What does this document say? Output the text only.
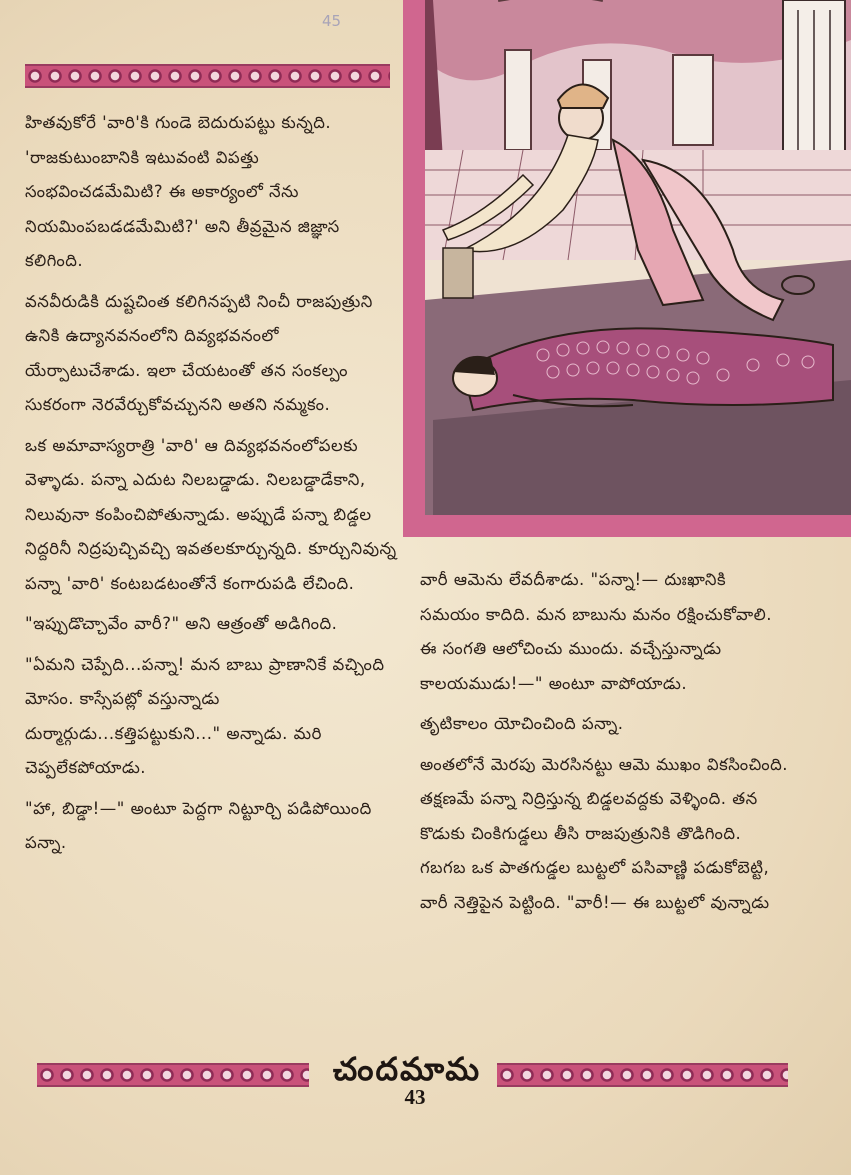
45

హితవుకోరే 'వారి'కి గుండె బెదురుపట్టు కున్నది. 'రాజకుటుంబానికి ఇటువంటి విపత్తు సంభవించడమేమిటి? ఈ అకార్యంలో నేను నియమింపబడడమేమిటి?' అని తీవ్రమైన జిజ్ఞాస కలిగింది.

వనవీరుడికి దుష్టచింత కలిగినప్పటి నించీ రాజపుత్రుని ఉనికి ఉద్యానవనంలోని దివ్యభవనంలో యేర్పాటుచేశాడు. ఇలా చేయటంతో తన సంకల్పం సుకరంగా నెరవేర్చుకోవచ్చునని అతని నమ్మకం.

ఒక అమావాస్యరాత్రి 'వారి' ఆ దివ్యభవనంలోపలకు వెళ్ళాడు. పన్నా ఎదుట నిలబడ్డాడు. నిలబడ్డాడేకాని, నిలువునా కంపించిపోతున్నాడు. అప్పుడే పన్నా బిడ్డల నిద్దరినీ నిద్రపుచ్చివచ్చి ఇవతలకూర్చున్నది. కూర్చునివున్న పన్నా 'వారి' కంటబడటంతోనే కంగారుపడి లేచింది.

"ఇప్పుడొచ్చావేం వారీ?" అని ఆత్రంతో అడిగింది.

"ఏమని చెప్పేది...పన్నా! మన బాబు ప్రాణానికే వచ్చింది మోసం. కాస్సేపట్లో వస్తున్నాడు దుర్మార్గుడు...కత్తిపట్టుకుని..." అన్నాడు. మరి చెప్పలేకపోయాడు.

"హా, బిడ్డా!—" అంటూ పెద్దగా నిట్టూర్చి పడిపోయింది పన్నా.

వారీ ఆమెను లేవదీశాడు. "పన్నా!— దుఃఖానికి సమయం కాదిది. మన బాబును మనం రక్షించుకోవాలి. ఈ సంగతి ఆలోచించు ముందు. వచ్చేస్తున్నాడు కాలయముడు!—" అంటూ వాపోయాడు.

తృటికాలం యోచించింది పన్నా.

అంతలోనే మెరపు మెరసినట్టు ఆమె ముఖం వికసించింది. తక్షణమే పన్నా నిద్రిస్తున్న బిడ్డలవద్దకు వెళ్ళింది. తన కొడుకు చింకిగుడ్డలు తీసి రాజపుత్రునికి తొడిగింది. గబగబ ఒక పాతగుడ్డల బుట్టలో పసివాణ్ణి పడుకోబెట్టి, వారీ నెత్తిపైన పెట్టింది. "వారీ!— ఈ బుట్టలో వున్నాడు

చందమామ
43
